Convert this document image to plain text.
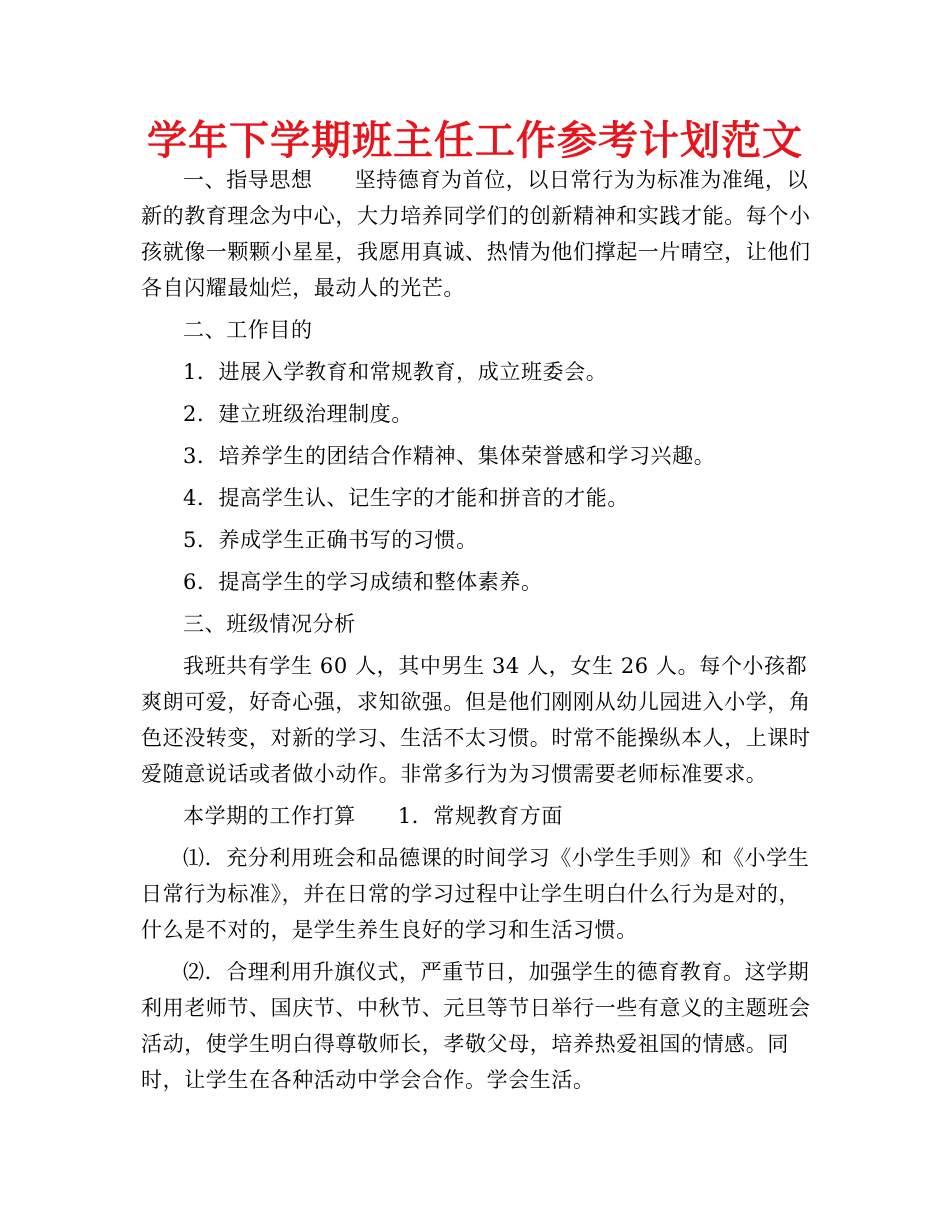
学年下学期班主任工作参考计划范文

一、指导思想 坚持德育为首位，以日常行为为标准为准绳，以新的教育理念为中心，大力培养同学们的创新精神和实践才能。每个小孩就像一颗颗小星星，我愿用真诚、热情为他们撑起一片晴空，让他们各自闪耀最灿烂，最动人的光芒。

二、工作目的

1．进展入学教育和常规教育，成立班委会。

2．建立班级治理制度。

3．培养学生的团结合作精神、集体荣誉感和学习兴趣。

4．提高学生认、记生字的才能和拼音的才能。

5．养成学生正确书写的习惯。

6．提高学生的学习成绩和整体素养。

三、班级情况分析

我班共有学生 60 人，其中男生 34 人，女生 26 人。每个小孩都爽朗可爱，好奇心强，求知欲强。但是他们刚刚从幼儿园进入小学，角色还没转变，对新的学习、生活不太习惯。时常不能操纵本人，上课时爱随意说话或者做小动作。非常多行为为习惯需要老师标准要求。

本学期的工作打算 1．常规教育方面

⑴．充分利用班会和品德课的时间学习《小学生手则》和《小学生日常行为标准》，并在日常的学习过程中让学生明白什么行为是对的，什么是不对的，是学生养生良好的学习和生活习惯。

⑵．合理利用升旗仪式，严重节日，加强学生的德育教育。这学期利用老师节、国庆节、中秋节、元旦等节日举行一些有意义的主题班会活动，使学生明白得尊敬师长，孝敬父母，培养热爱祖国的情感。同时，让学生在各种活动中学会合作。学会生活。
